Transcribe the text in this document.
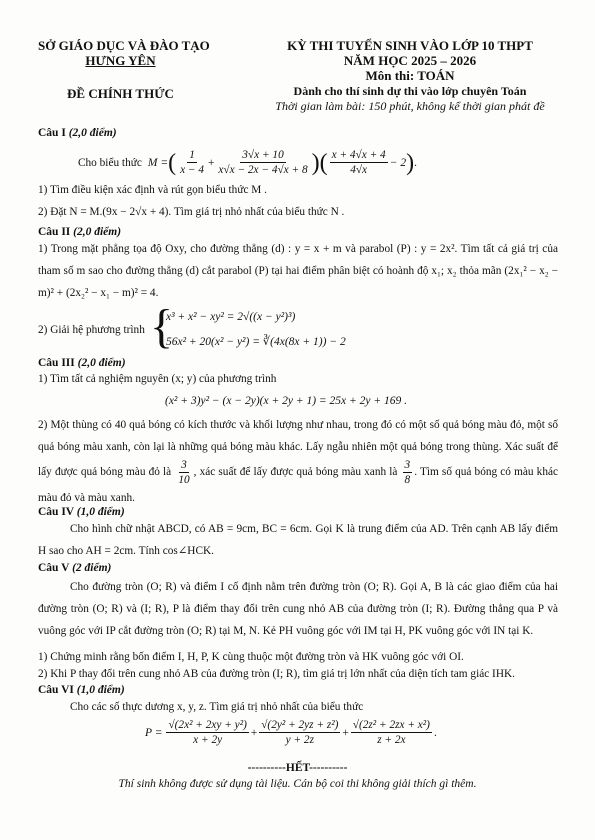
SỞ GIÁO DỤC VÀ ĐÀO TẠO
HƯNG YÊN
ĐỀ CHÍNH THỨC
KỲ THI TUYỂN SINH VÀO LỚP 10 THPT
NĂM HỌC 2025 – 2026
Môn thi: TOÁN
Dành cho thí sinh dự thi vào lớp chuyên Toán
Thời gian làm bài: 150 phút, không kể thời gian phát đề
Câu I (2,0 điểm)
Cho biểu thức M = ( $\frac{1}{x - 4} + \frac{3√x + 10}{x√x - 2x - 4√x + 8}$ ) ( $\frac{x + 4√x + 4}{4√x} - 2$ ) .
1) Tìm điều kiện xác định và rút gọn biểu thức M .
2) Đặt N = M.(9x − 2√x + 4). Tìm giá trị nhỏ nhất của biểu thức N .
Câu II (2,0 điểm)
1) Trong mặt phẳng tọa độ Oxy, cho đường thẳng (d) : y = x + m và parabol (P) : y = 2x². Tìm tất cả giá trị của tham số m sao cho đường thẳng (d) cắt parabol (P) tại hai điểm phân biệt có hoành độ x₁; x₂ thỏa mãn (2x₁² − x₂ − m)² + (2x₂² − x₁ − m)² = 4.
2) Giải hệ phương trình {
x³ + x² − xy² = 2√((x − y²)³)
56x² + 20(x² − y²) = ∛(4x(8x + 1)) − 2
Câu III (2,0 điểm)
1) Tìm tất cả nghiệm nguyên (x; y) của phương trình
(x² + 3)y² − (x − 2y)(x + 2y + 1) = 25x + 2y + 169 .
2) Một thùng có 40 quả bóng có kích thước và khối lượng như nhau, trong đó có một số quả bóng màu đỏ, một số quả bóng màu xanh, còn lại là những quả bóng màu khác. Lấy ngẫu nhiên một quả bóng trong thùng. Xác suất để lấy được quả bóng màu đỏ là $\frac{3}{10}$ , xác suất để lấy được quả bóng màu xanh là $\frac{3}{8}$ . Tìm số quả bóng có màu khác màu đỏ và màu xanh.
Câu IV (1,0 điểm)
Cho hình chữ nhật ABCD, có AB = 9cm, BC = 6cm. Gọi K là trung điểm của AD. Trên cạnh AB lấy điểm H sao cho AH = 2cm. Tính cos∠HCK.
Câu V (2 điểm)
Cho đường tròn (O; R) và điểm I cố định nằm trên đường tròn (O; R). Gọi A, B là các giao điểm của hai đường tròn (O; R) và (I; R), P là điểm thay đổi trên cung nhỏ AB của đường tròn (I; R). Đường thẳng qua P và vuông góc với IP cắt đường tròn (O; R) tại M, N. Kẻ PH vuông góc với IM tại H, PK vuông góc với IN tại K.
1) Chứng minh rằng bốn điểm I, H, P, K cùng thuộc một đường tròn và HK vuông góc với OI.
2) Khi P thay đổi trên cung nhỏ AB của đường tròn (I; R), tìm giá trị lớn nhất của diện tích tam giác IHK.
Câu VI (1,0 điểm)
Cho các số thực dương x, y, z. Tìm giá trị nhỏ nhất của biểu thức
$P = \frac{\text{√(2x² + 2xy + y²)}}{x + 2y} + \frac{\text{√(2y² + 2yz + z²)}}{y + 2z} + \frac{\text{√(2z² + 2zx + x²)}}{z + 2x}$ .
----------HẾT----------
Thí sinh không được sử dụng tài liệu. Cán bộ coi thi không giải thích gì thêm.
